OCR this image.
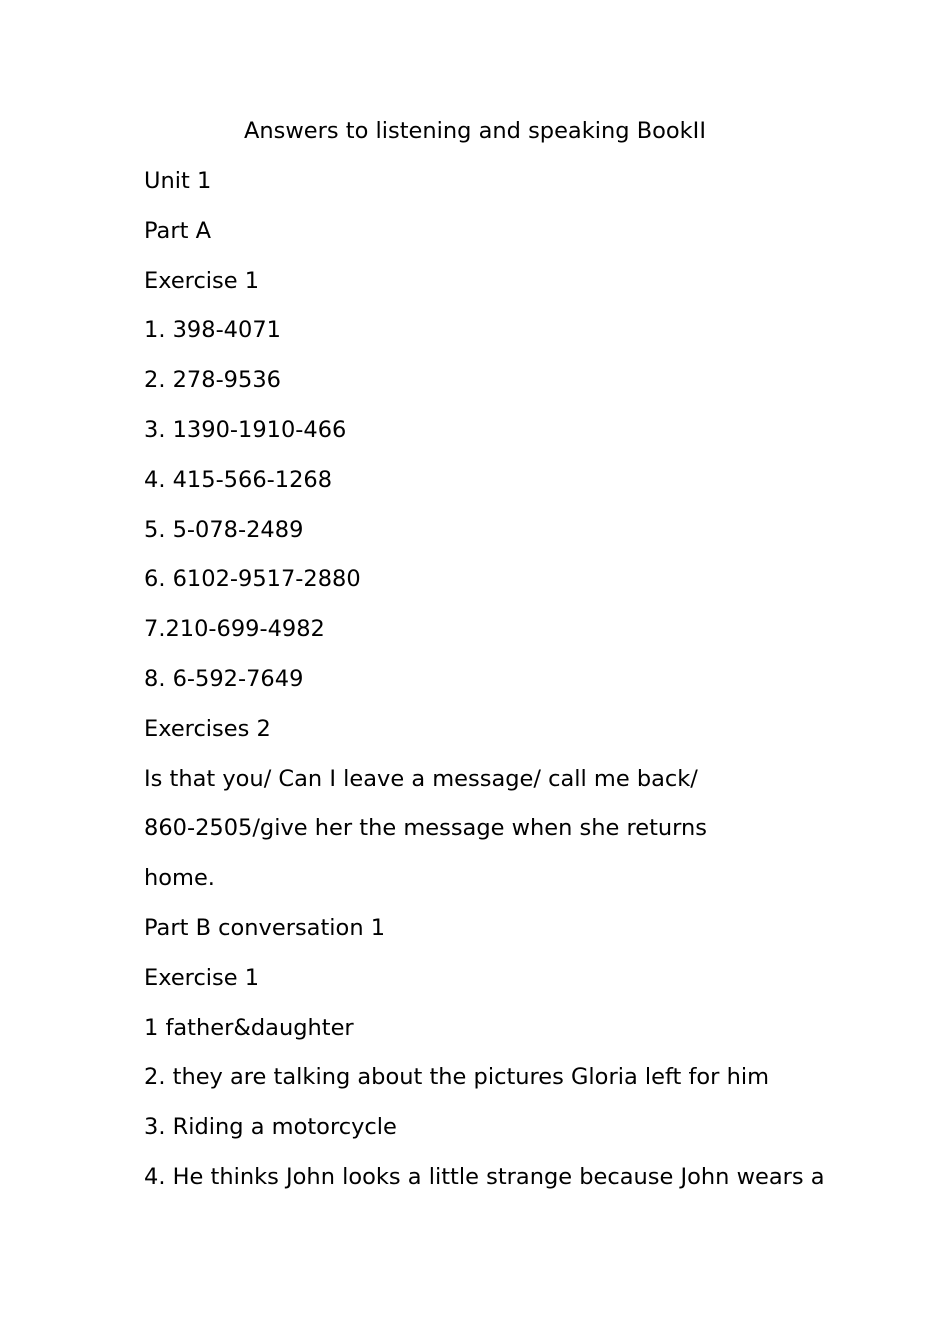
Answers to listening and speaking BookII
Unit 1
Part A
Exercise 1
1. 398-4071
2. 278-9536
3. 1390-1910-466
4. 415-566-1268
5. 5-078-2489
6. 6102-9517-2880
7.210-699-4982
8. 6-592-7649
Exercises 2
Is that you/ Can I leave a message/ call me back/
860-2505/give her the message when she returns
home.
Part B conversation 1
Exercise 1
1 father&daughter
2. they are talking about the pictures Gloria left for him
3. Riding a motorcycle
4. He thinks John looks a little strange because John wears a
